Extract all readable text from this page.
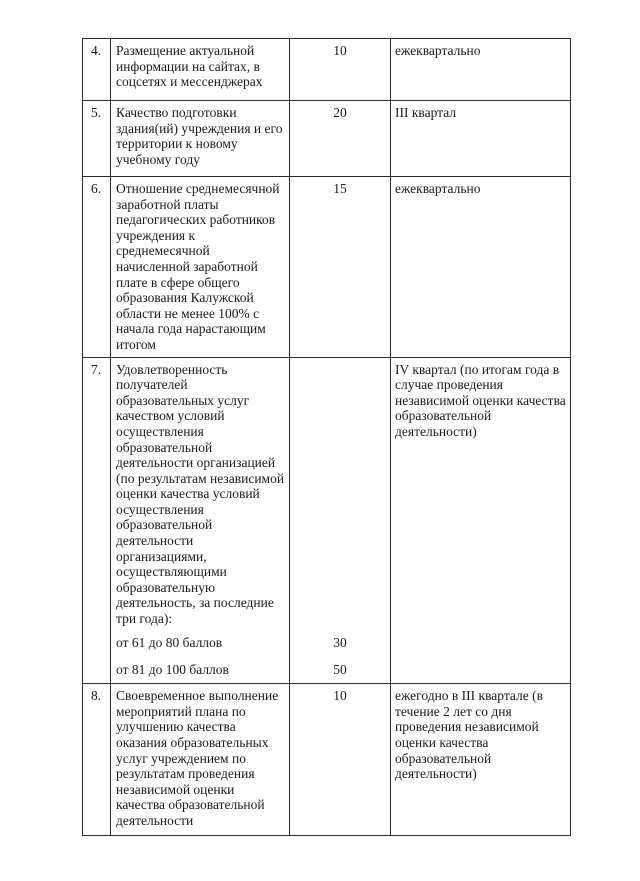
4.	Размещение актуальной информации на сайтах, в соцсетях и мессенджерах	10	ежеквартально
5.	Качество подготовки здания(ий) учреждения и его территории к новому учебному году	20	III квартал
6.	Отношение среднемесячной заработной платы педагогических работников учреждения к среднемесячной начисленной заработной плате в сфере общего образования Калужской области не менее 100% с начала года нарастающим итогом	15	ежеквартально
7.	Удовлетворенность получателей образовательных услуг качеством условий осуществления образовательной деятельности организацией (по результатам независимой оценки качества условий осуществления образовательной деятельности организациями, осуществляющими образовательную деятельность, за последние три года):		IV квартал (по итогам года в случае проведения независимой оценки качества образовательной деятельности)
	от 61 до 80 баллов	30	
	от 81 до 100 баллов	50	
8.	Своевременное выполнение мероприятий плана по улучшению качества оказания образовательных услуг учреждением по результатам проведения независимой оценки качества образовательной деятельности	10	ежегодно в III квартале (в течение 2 лет со дня проведения независимой оценки качества образовательной деятельности)
